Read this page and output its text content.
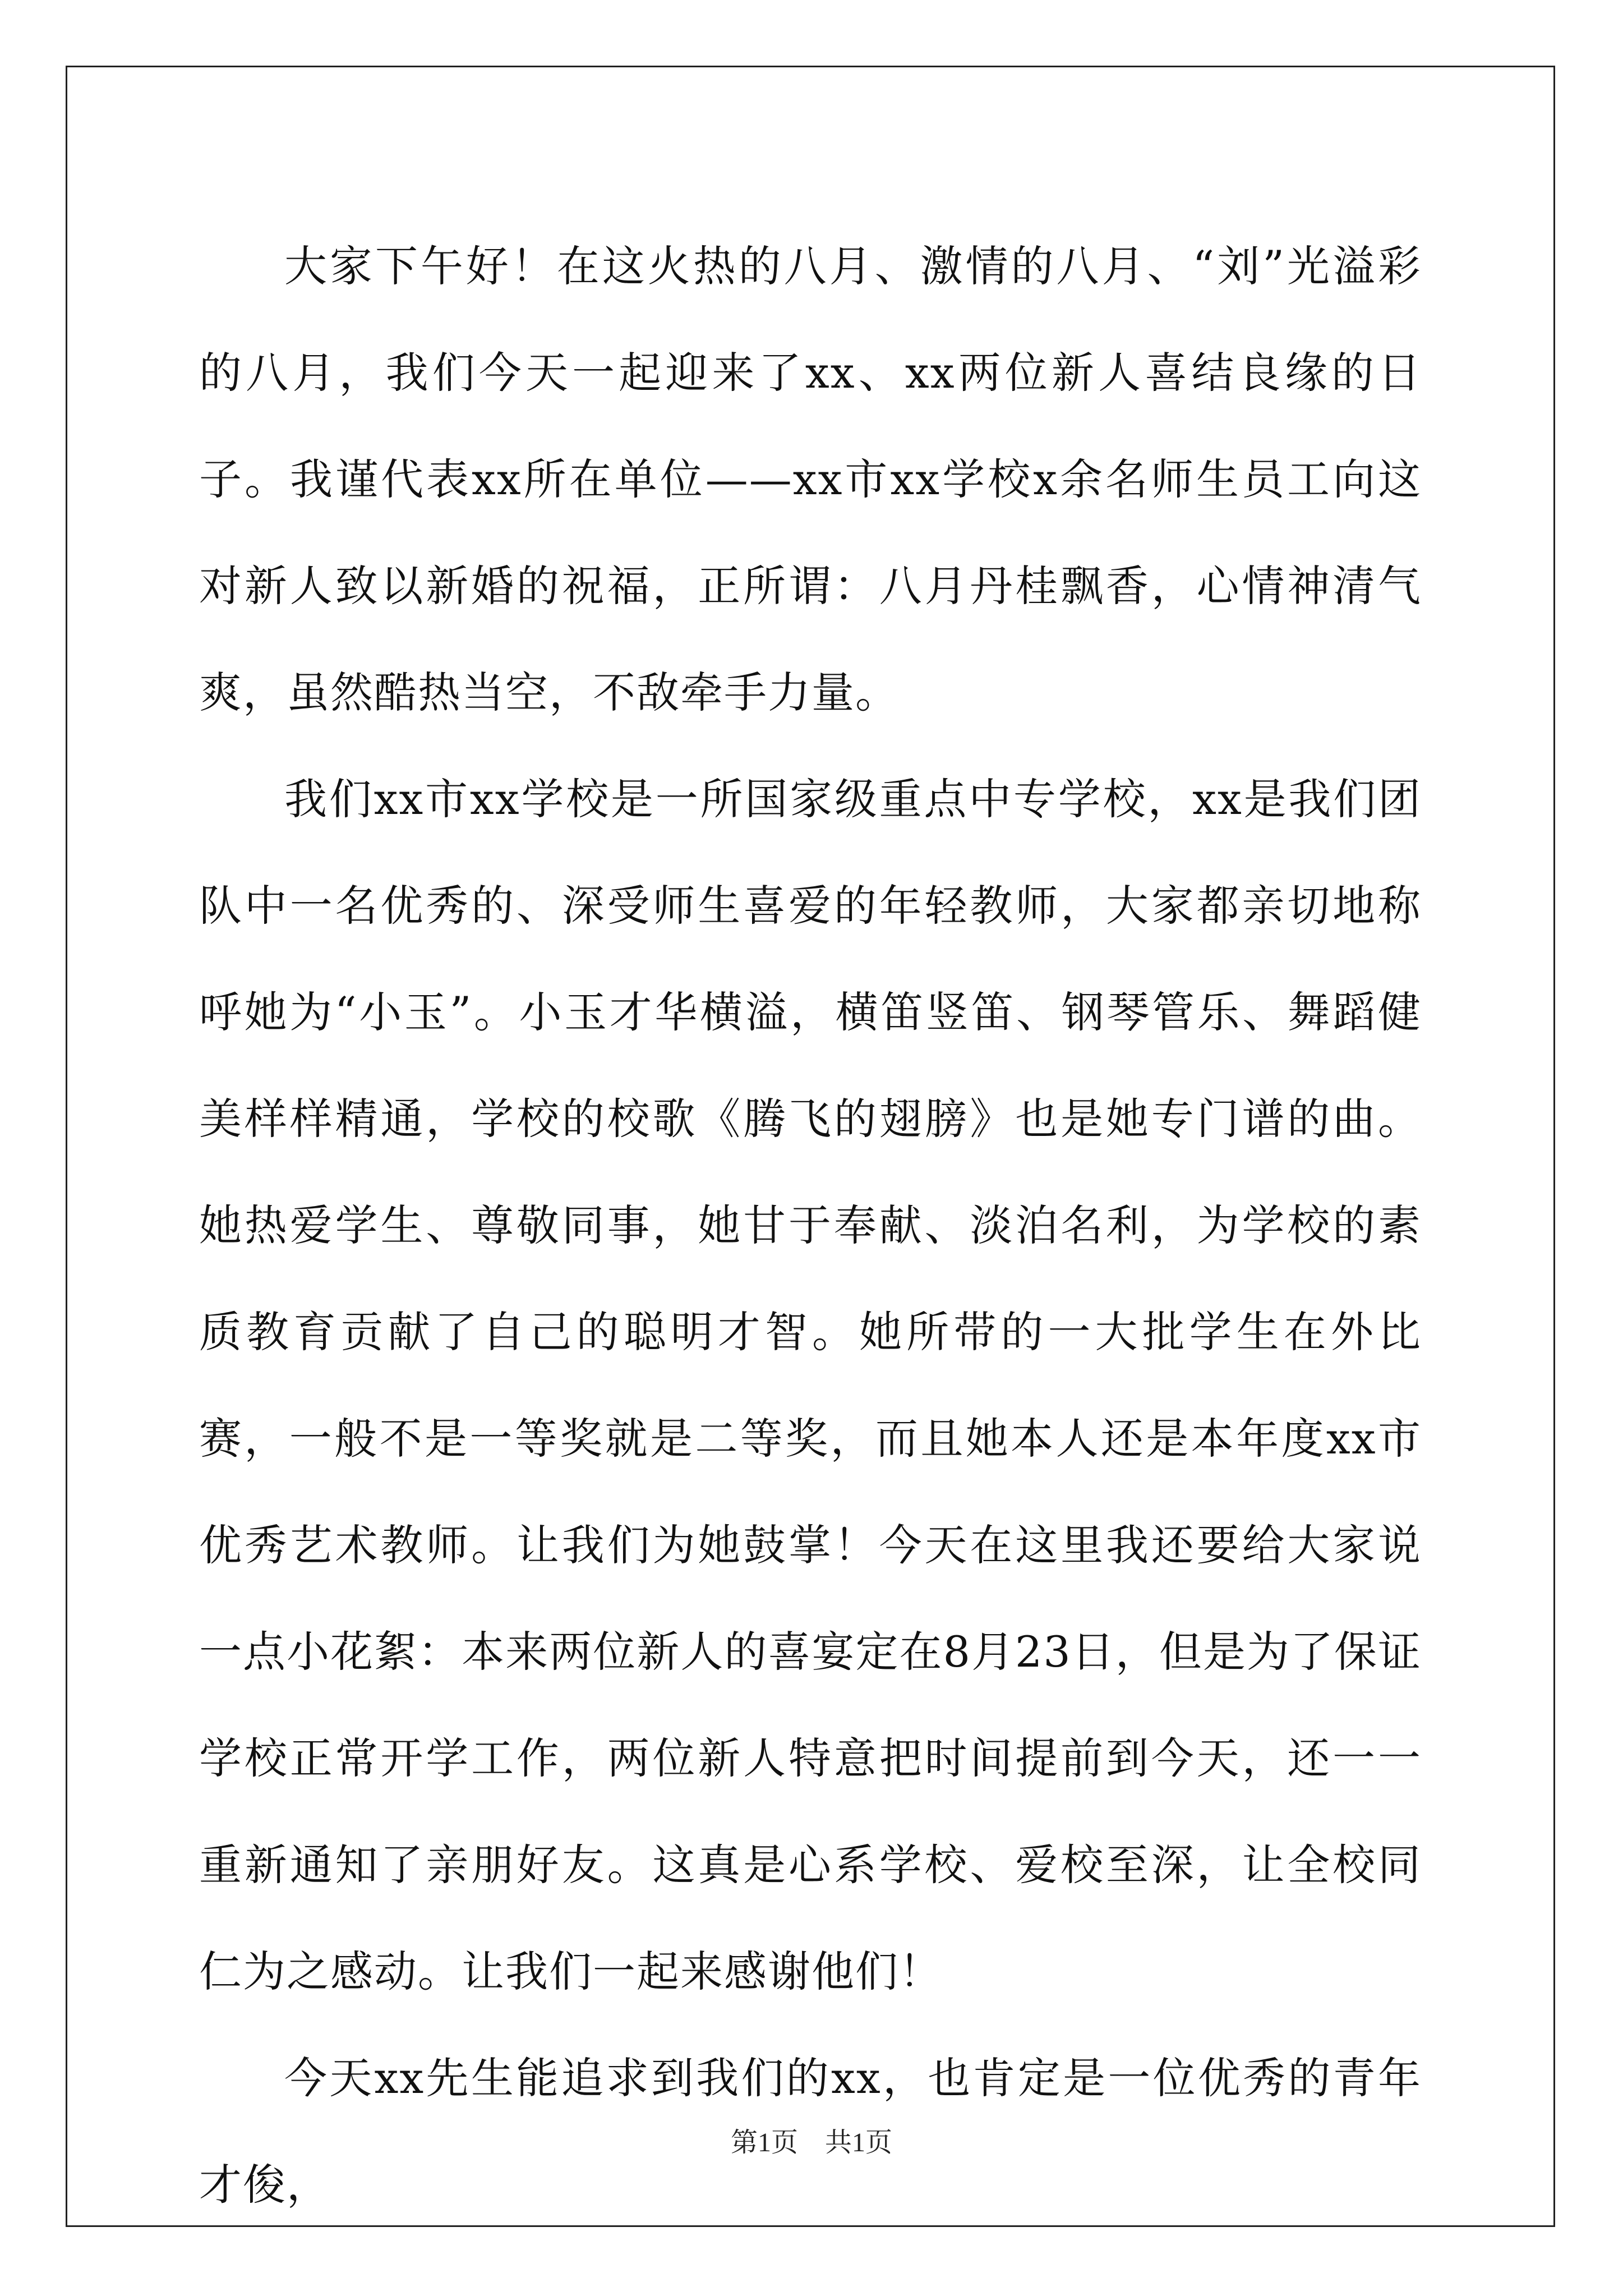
大家下午好！在这火热的八月、激情的八月、“刘”光溢彩的八月，我们今天一起迎来了xx、xx两位新人喜结良缘的日子。我谨代表xx所在单位——xx市xx学校x余名师生员工向这对新人致以新婚的祝福，正所谓：八月丹桂飘香，心情神清气爽，虽然酷热当空，不敌牵手力量。

我们xx市xx学校是一所国家级重点中专学校，xx是我们团队中一名优秀的、深受师生喜爱的年轻教师，大家都亲切地称呼她为“小玉”。小玉才华横溢，横笛竖笛、钢琴管乐、舞蹈健美样样精通，学校的校歌《腾飞的翅膀》也是她专门谱的曲。她热爱学生、尊敬同事，她甘于奉献、淡泊名利，为学校的素质教育贡献了自己的聪明才智。她所带的一大批学生在外比赛，一般不是一等奖就是二等奖，而且她本人还是本年度xx市优秀艺术教师。让我们为她鼓掌！今天在这里我还要给大家说一点小花絮：本来两位新人的喜宴定在8月23日，但是为了保证学校正常开学工作，两位新人特意把时间提前到今天，还一一重新通知了亲朋好友。这真是心系学校、爱校至深，让全校同仁为之感动。让我们一起来感谢他们！

今天xx先生能追求到我们的xx，也肯定是一位优秀的青年才俊，

第1页　共1页
